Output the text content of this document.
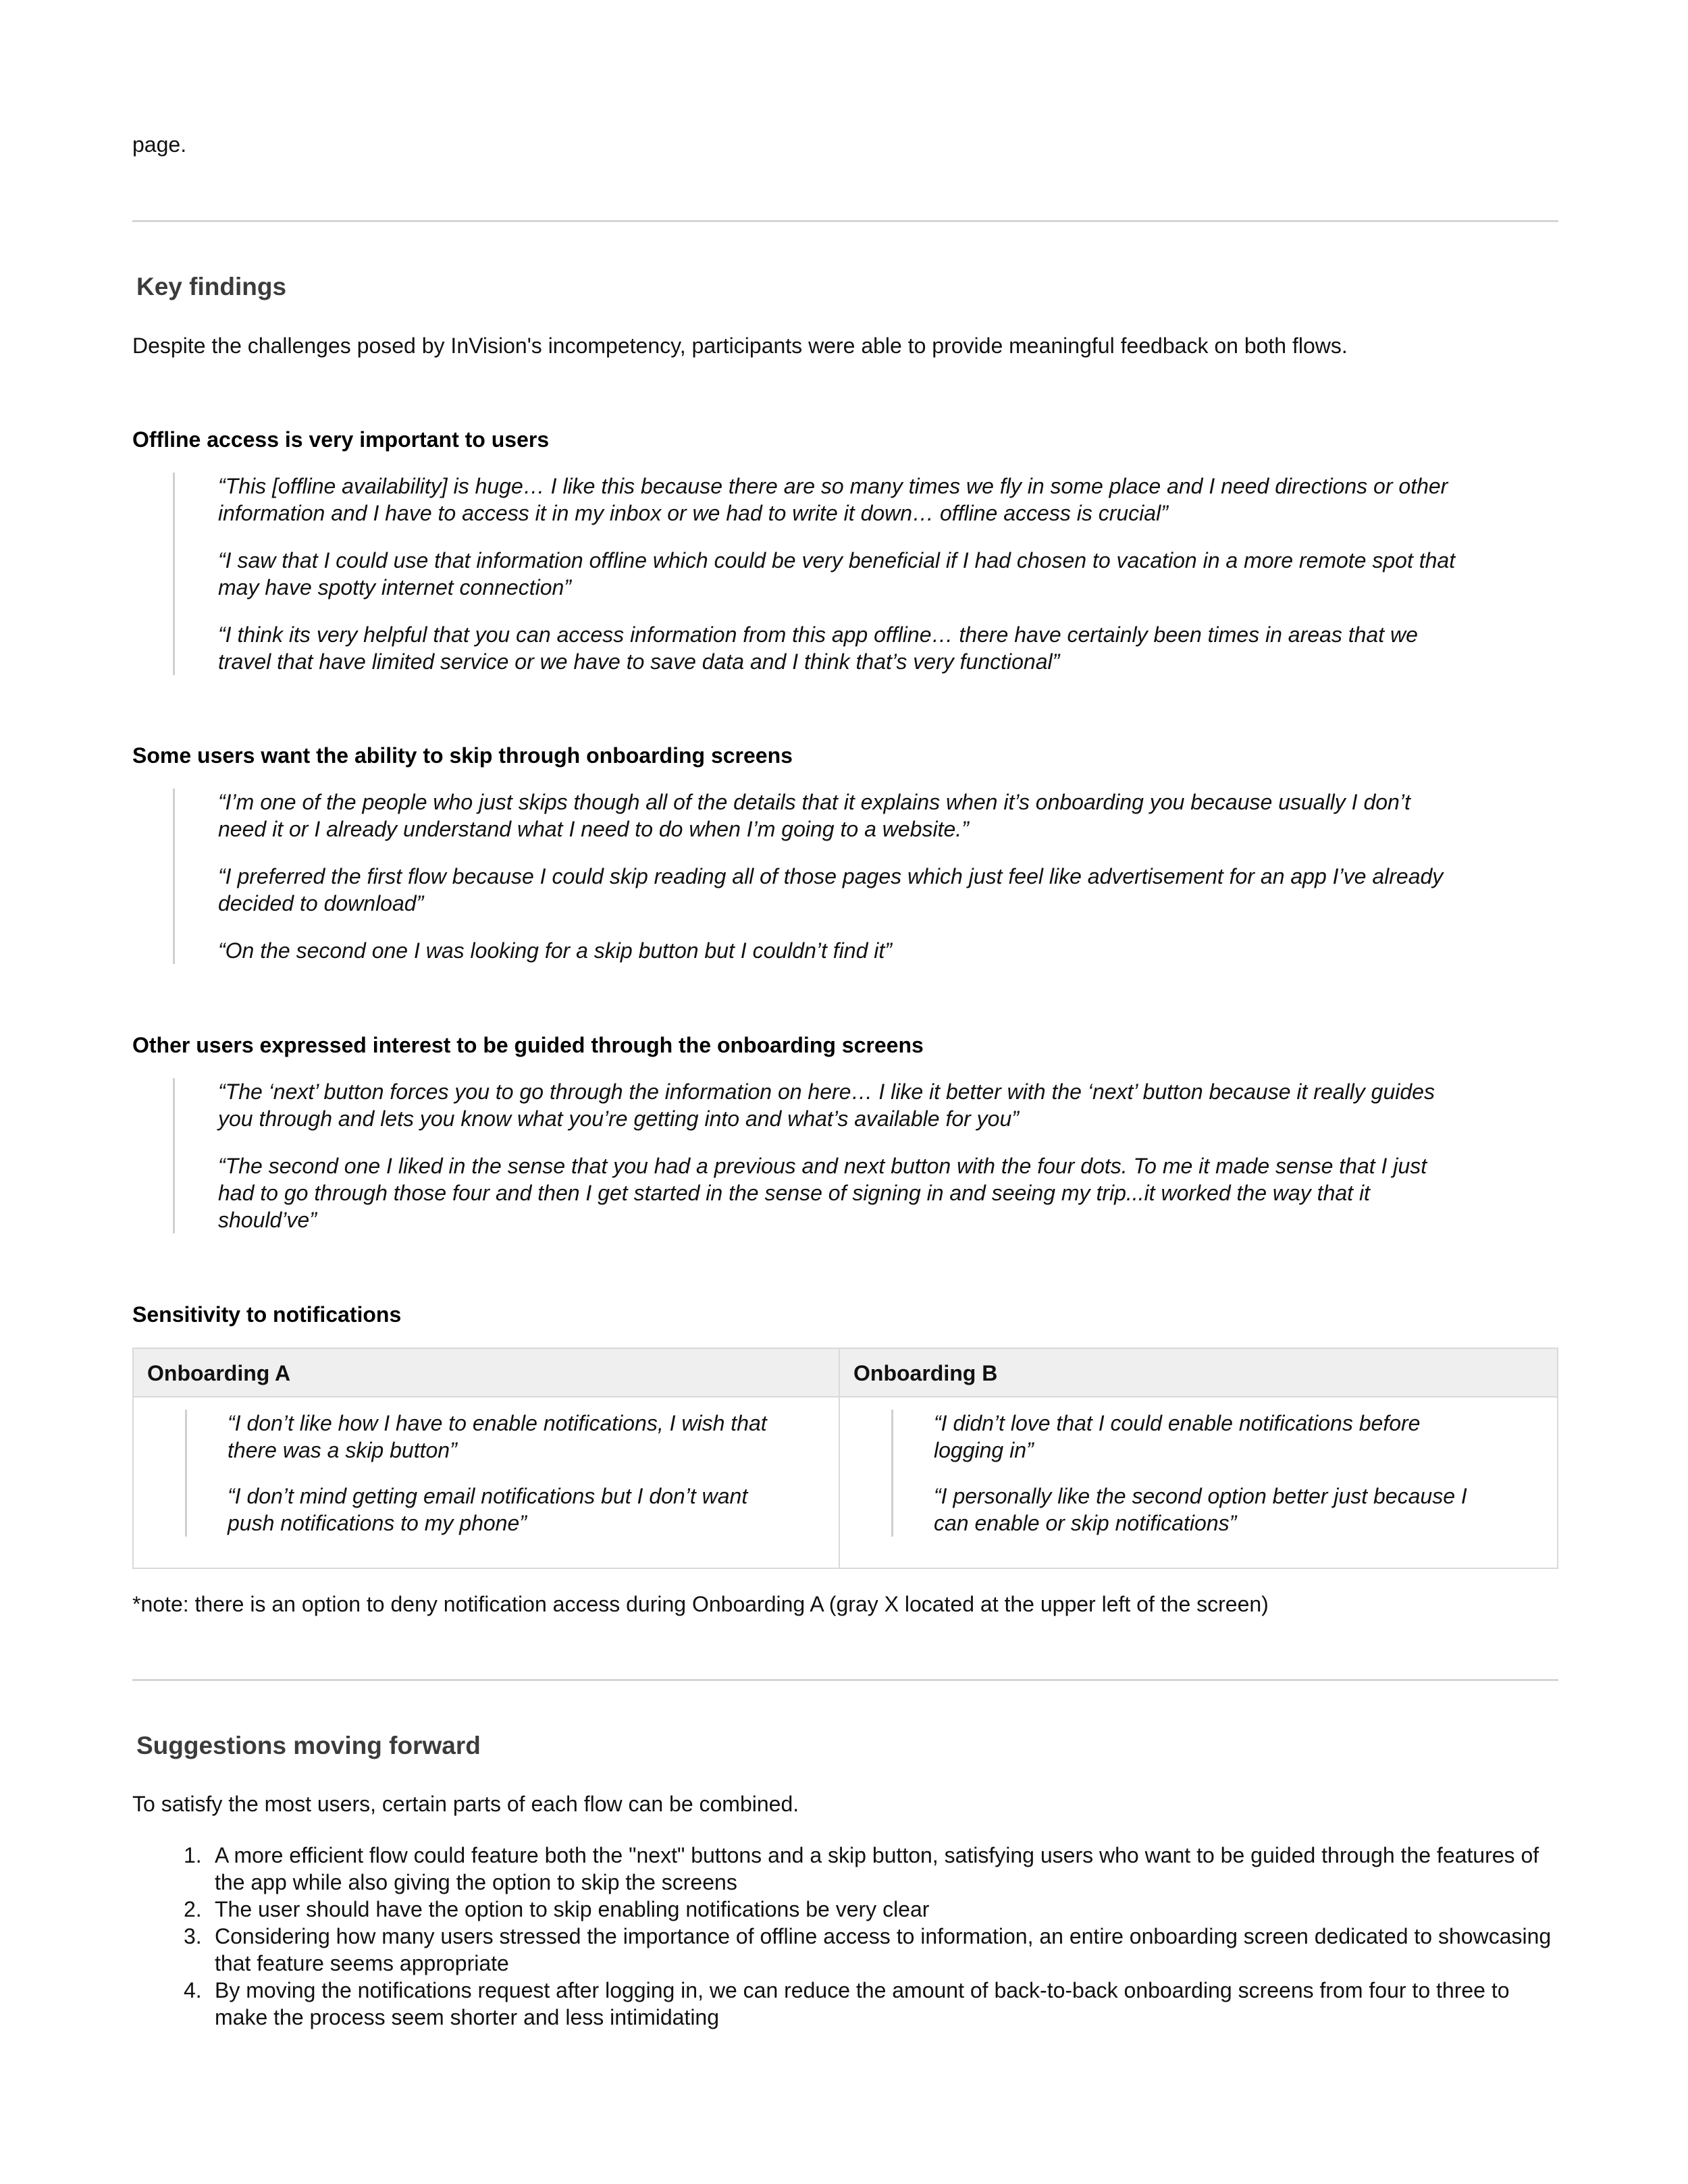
page.

Key findings

Despite the challenges posed by InVision's incompetency, participants were able to provide meaningful feedback on both flows.

Offline access is very important to users

“This [offline availability] is huge… I like this because there are so many times we fly in some place and I need directions or other information and I have to access it in my inbox or we had to write it down… offline access is crucial”

“I saw that I could use that information offline which could be very beneficial if I had chosen to vacation in a more remote spot that may have spotty internet connection”

“I think its very helpful that you can access information from this app offline… there have certainly been times in areas that we travel that have limited service or we have to save data and I think that’s very functional”

Some users want the ability to skip through onboarding screens

“I’m one of the people who just skips though all of the details that it explains when it’s onboarding you because usually I don’t need it or I already understand what I need to do when I’m going to a website.”

“I preferred the first flow because I could skip reading all of those pages which just feel like advertisement for an app I’ve already decided to download”

“On the second one I was looking for a skip button but I couldn’t find it”

Other users expressed interest to be guided through the onboarding screens

“The ‘next’ button forces you to go through the information on here… I like it better with the ‘next’ button because it really guides you through and lets you know what you’re getting into and what’s available for you”

“The second one I liked in the sense that you had a previous and next button with the four dots. To me it made sense that I just had to go through those four and then I get started in the sense of signing in and seeing my trip...it worked the way that it should’ve”

Sensitivity to notifications

Onboarding A

“I don’t like how I have to enable notifications, I wish that there was a skip button”

“I don’t mind getting email notifications but I don’t want push notifications to my phone”

Onboarding B

“I didn’t love that I could enable notifications before logging in”

“I personally like the second option better just because I can enable or skip notifications”

*note: there is an option to deny notification access during Onboarding A (gray X located at the upper left of the screen)

Suggestions moving forward

To satisfy the most users, certain parts of each flow can be combined.

1. A more efficient flow could feature both the "next" buttons and a skip button, satisfying users who want to be guided through the features of the app while also giving the option to skip the screens
2. The user should have the option to skip enabling notifications be very clear
3. Considering how many users stressed the importance of offline access to information, an entire onboarding screen dedicated to showcasing that feature seems appropriate
4. By moving the notifications request after logging in, we can reduce the amount of back-to-back onboarding screens from four to three to make the process seem shorter and less intimidating
